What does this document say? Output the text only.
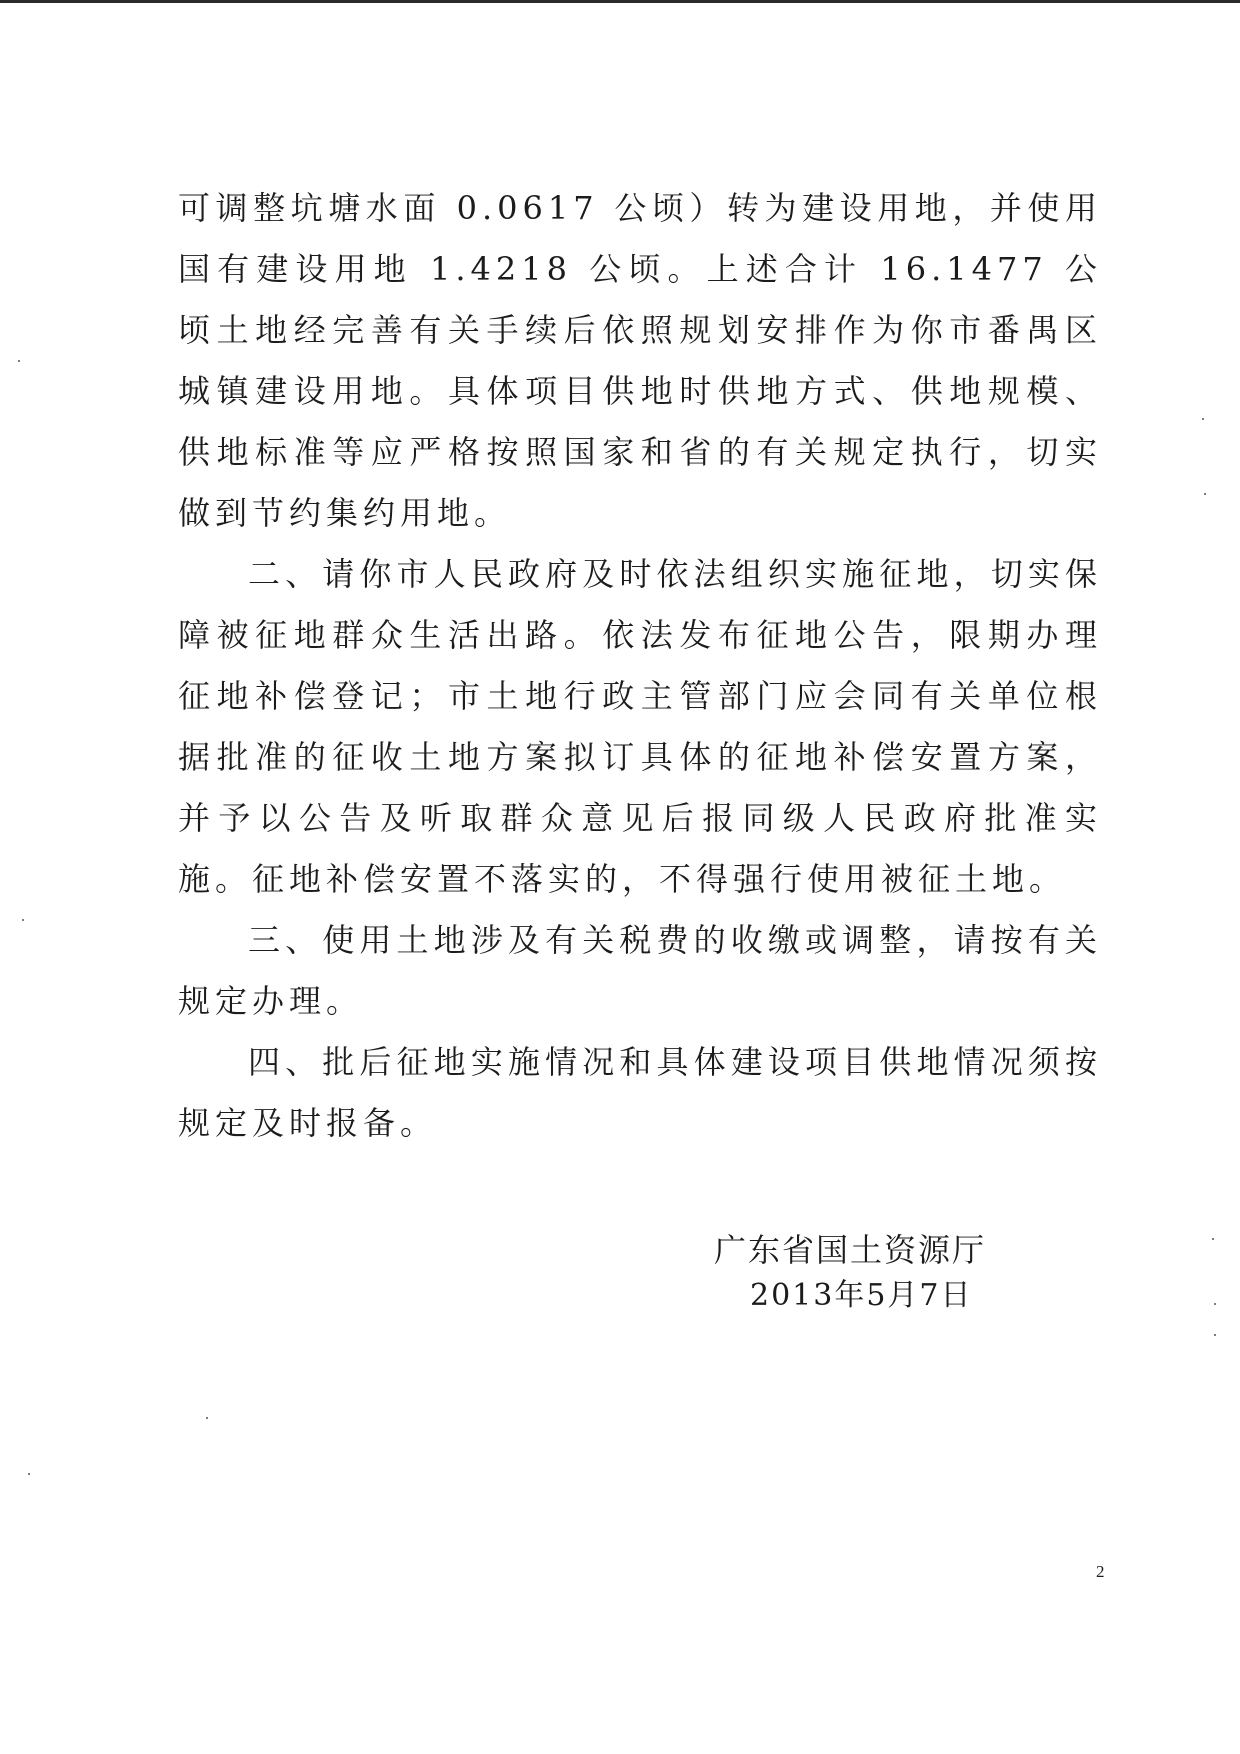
可调整坑塘水面 0.0617 公顷）转为建设用地，并使用国有建设用地 1.4218 公顷。上述合计 16.1477 公顷土地经完善有关手续后依照规划安排作为你市番禺区城镇建设用地。具体项目供地时供地方式、供地规模、供地标准等应严格按照国家和省的有关规定执行，切实做到节约集约用地。

二、请你市人民政府及时依法组织实施征地，切实保障被征地群众生活出路。依法发布征地公告，限期办理征地补偿登记；市土地行政主管部门应会同有关单位根据批准的征收土地方案拟订具体的征地补偿安置方案，并予以公告及听取群众意见后报同级人民政府批准实施。征地补偿安置不落实的，不得强行使用被征土地。

三、使用土地涉及有关税费的收缴或调整，请按有关规定办理。

四、批后征地实施情况和具体建设项目供地情况须按规定及时报备。

广东省国土资源厅
2013年5月7日
2
